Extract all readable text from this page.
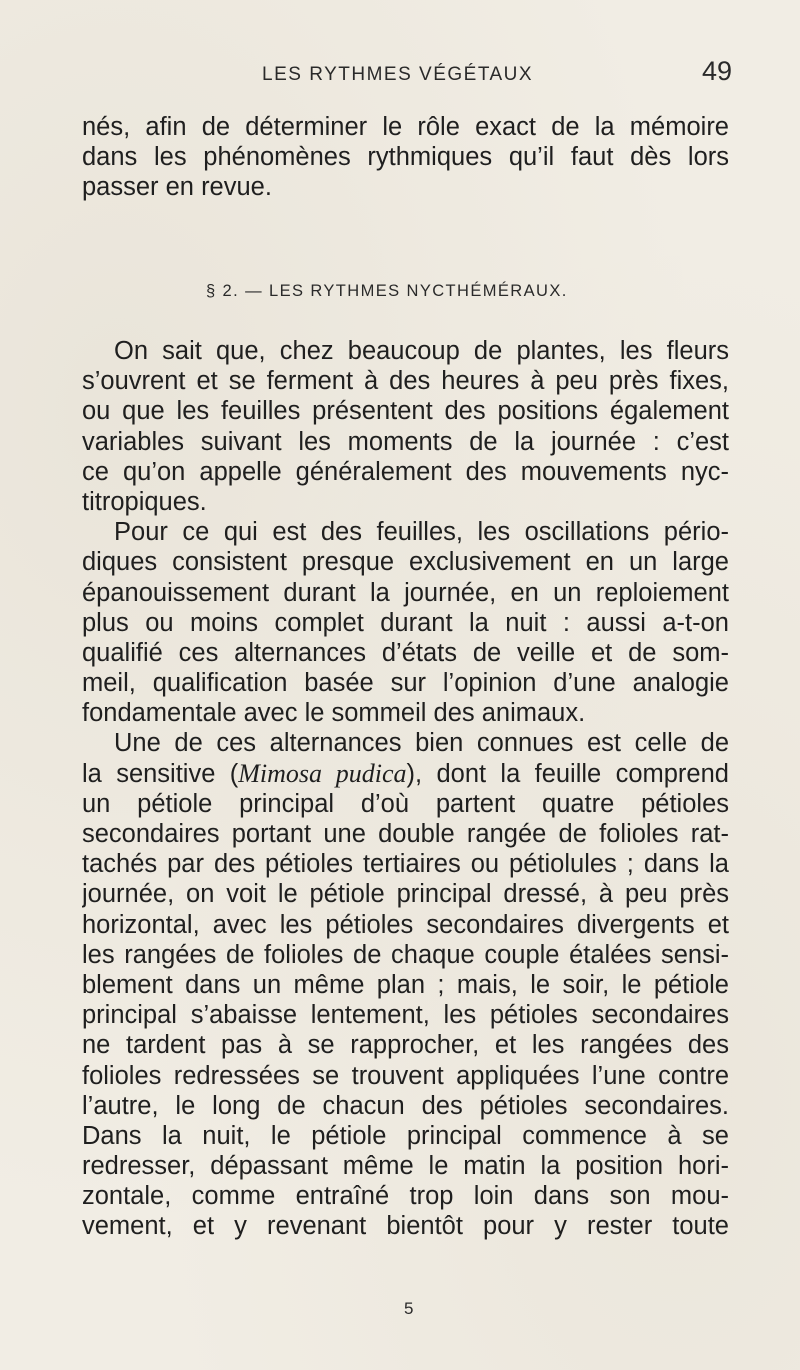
LES RYTHMES VÉGÉTAUX	49
nés, afin de déterminer le rôle exact de la mémoire
dans les phénomènes rythmiques qu’il faut dès lors
passer en revue.
§ 2. — LES RYTHMES NYCTHÉMÉRAUX.
On sait que, chez beaucoup de plantes, les fleurs
s’ouvrent et se ferment à des heures à peu près fixes,
ou que les feuilles présentent des positions également
variables suivant les moments de la journée : c’est
ce qu’on appelle généralement des mouvements nyc-
titropiques.
Pour ce qui est des feuilles, les oscillations pério-
diques consistent presque exclusivement en un large
épanouissement durant la journée, en un reploiement
plus ou moins complet durant la nuit : aussi a-t-on
qualifié ces alternances d’états de veille et de som-
meil, qualification basée sur l’opinion d’une analogie
fondamentale avec le sommeil des animaux.
Une de ces alternances bien connues est celle de
la sensitive (Mimosa pudica), dont la feuille comprend
un pétiole principal d’où partent quatre pétioles
secondaires portant une double rangée de folioles rat-
tachés par des pétioles tertiaires ou pétiolules ; dans la
journée, on voit le pétiole principal dressé, à peu près
horizontal, avec les pétioles secondaires divergents et
les rangées de folioles de chaque couple étalées sensi-
blement dans un même plan ; mais, le soir, le pétiole
principal s’abaisse lentement, les pétioles secondaires
ne tardent pas à se rapprocher, et les rangées des
folioles redressées se trouvent appliquées l’une contre
l’autre, le long de chacun des pétioles secondaires.
Dans la nuit, le pétiole principal commence à se
redresser, dépassant même le matin la position hori-
zontale, comme entraîné trop loin dans son mou-
vement, et y revenant bientôt pour y rester toute
5
